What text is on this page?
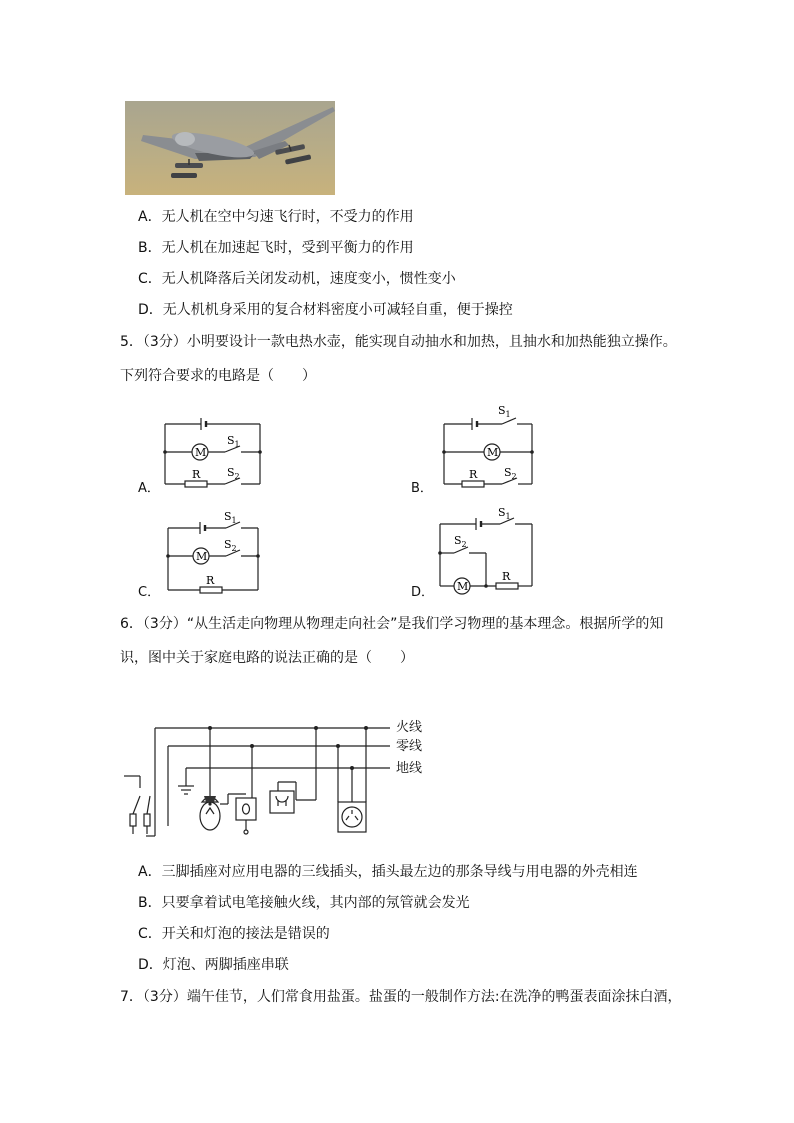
A．无人机在空中匀速飞行时，不受力的作用
B．无人机在加速起飞时，受到平衡力的作用
C．无人机降落后关闭发动机，速度变小，惯性变小
D．无人机机身采用的复合材料密度小可减轻自重，便于操控
5．（3分）小明要设计一款电热水壶，能实现自动抽水和加热，且抽水和加热能独立操作。
下列符合要求的电路是（　　）
A．
M
$S_1$
R $S_2$
B．
M
$S_1$
R $S_2$
C．
M
$S_1$
R
$S_2$
D． M
$S_1$
R
$S_2$
6．（3分）“从生活走向物理从物理走向社会”是我们学习物理的基本理念。根据所学的知
识，图中关于家庭电路的说法正确的是（　　）
火线
零线
地线
A．三脚插座对应用电器的三线插头，插头最左边的那条导线与用电器的外壳相连
B．只要拿着试电笔接触火线，其内部的氖管就会发光
C．开关和灯泡的接法是错误的
D．灯泡、两脚插座串联
7．（3分）端午佳节，人们常食用盐蛋。盐蛋的一般制作方法:在洗净的鸭蛋表面涂抹白酒，
